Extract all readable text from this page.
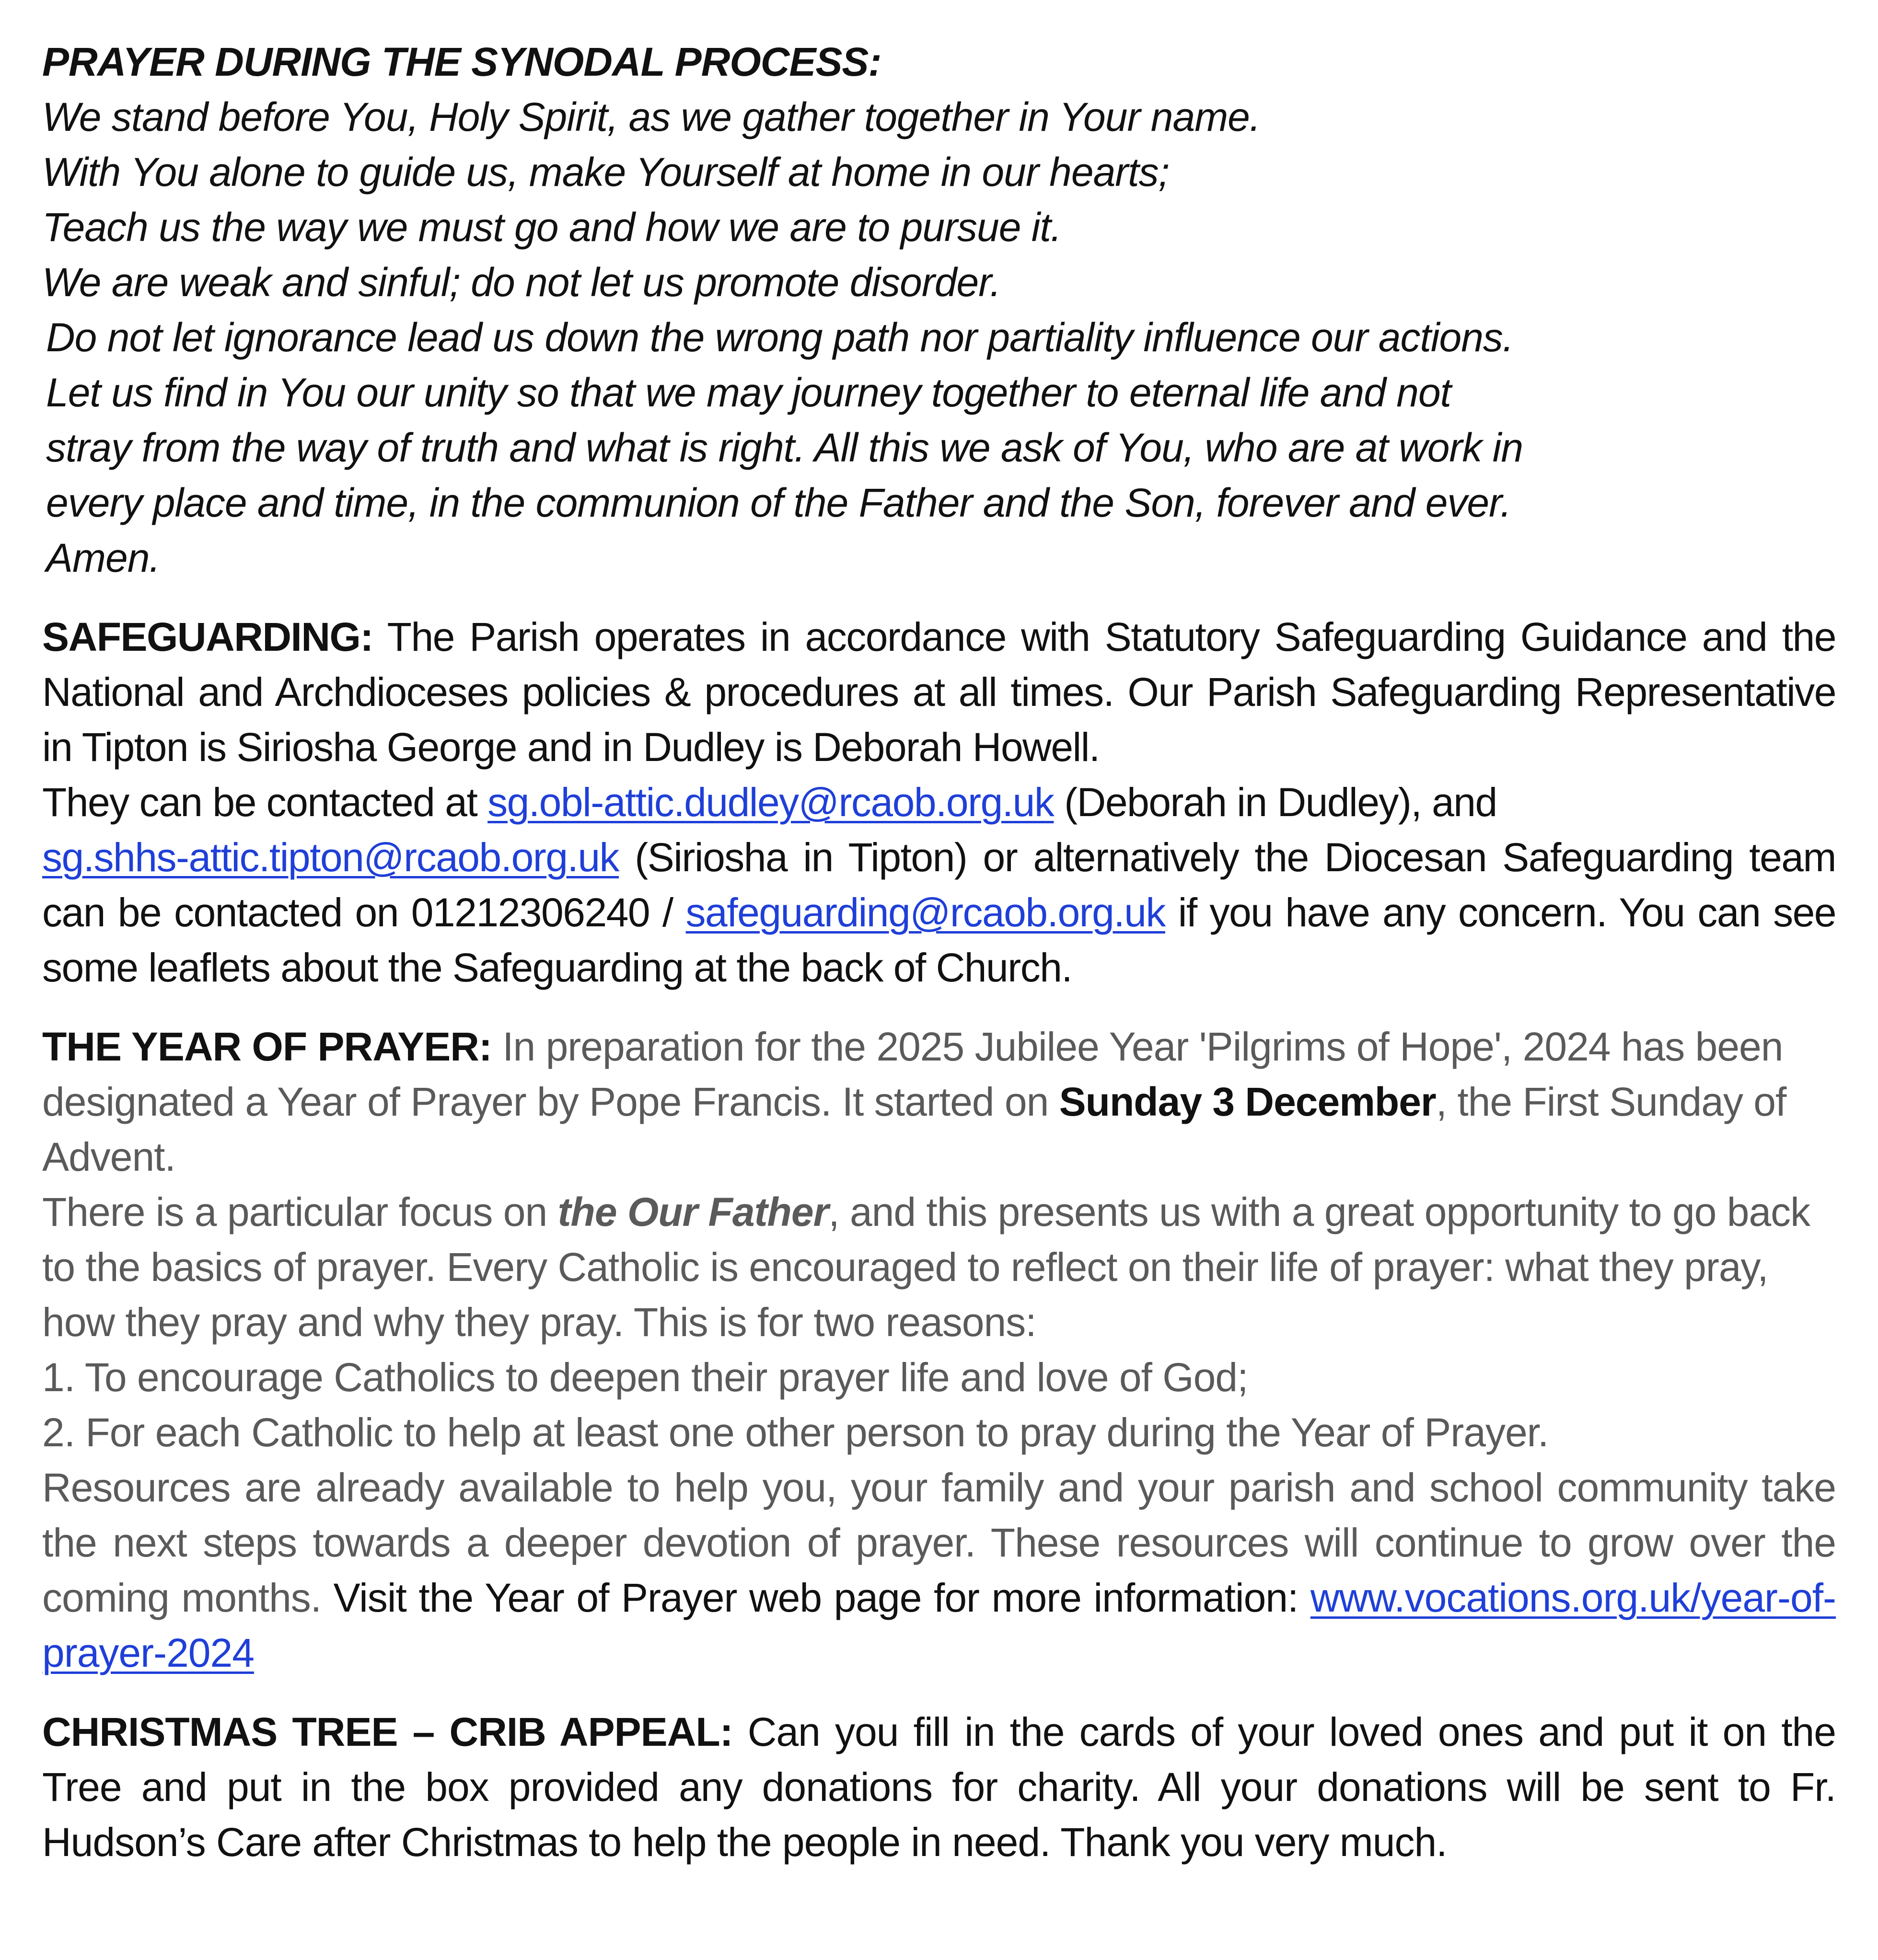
PRAYER DURING THE SYNODAL PROCESS:
We stand before You, Holy Spirit, as we gather together in Your name.
With You alone to guide us, make Yourself at home in our hearts;
Teach us the way we must go and how we are to pursue it.
We are weak and sinful; do not let us promote disorder.
Do not let ignorance lead us down the wrong path nor partiality influence our actions.
Let us find in You our unity so that we may journey together to eternal life and not
stray from the way of truth and what is right. All this we ask of You, who are at work in
every place and time, in the communion of the Father and the Son, forever and ever.
Amen.
SAFEGUARDING: The Parish operates in accordance with Statutory Safeguarding Guidance and the
National and Archdioceses policies & procedures at all times. Our Parish Safeguarding Representative
in Tipton is Siriosha George and in Dudley is Deborah Howell.
They can be contacted at sg.obl-attic.dudley@rcaob.org.uk (Deborah in Dudley), and
sg.shhs-attic.tipton@rcaob.org.uk (Siriosha in Tipton) or alternatively the Diocesan Safeguarding team
can be contacted on 01212306240 / safeguarding@rcaob.org.uk if you have any concern. You can see
some leaflets about the Safeguarding at the back of Church.
THE YEAR OF PRAYER: In preparation for the 2025 Jubilee Year 'Pilgrims of Hope', 2024 has been
designated a Year of Prayer by Pope Francis. It started on Sunday 3 December, the First Sunday of
Advent.
There is a particular focus on the Our Father, and this presents us with a great opportunity to go back
to the basics of prayer. Every Catholic is encouraged to reflect on their life of prayer: what they pray,
how they pray and why they pray. This is for two reasons:
1. To encourage Catholics to deepen their prayer life and love of God;
2. For each Catholic to help at least one other person to pray during the Year of Prayer.
Resources are already available to help you, your family and your parish and school community take
the next steps towards a deeper devotion of prayer. These resources will continue to grow over the
coming months. Visit the Year of Prayer web page for more information: www.vocations.org.uk/year-of-
prayer-2024
CHRISTMAS TREE – CRIB APPEAL: Can you fill in the cards of your loved ones and put it on the
Tree and put in the box provided any donations for charity. All your donations will be sent to Fr.
Hudson’s Care after Christmas to help the people in need. Thank you very much.
